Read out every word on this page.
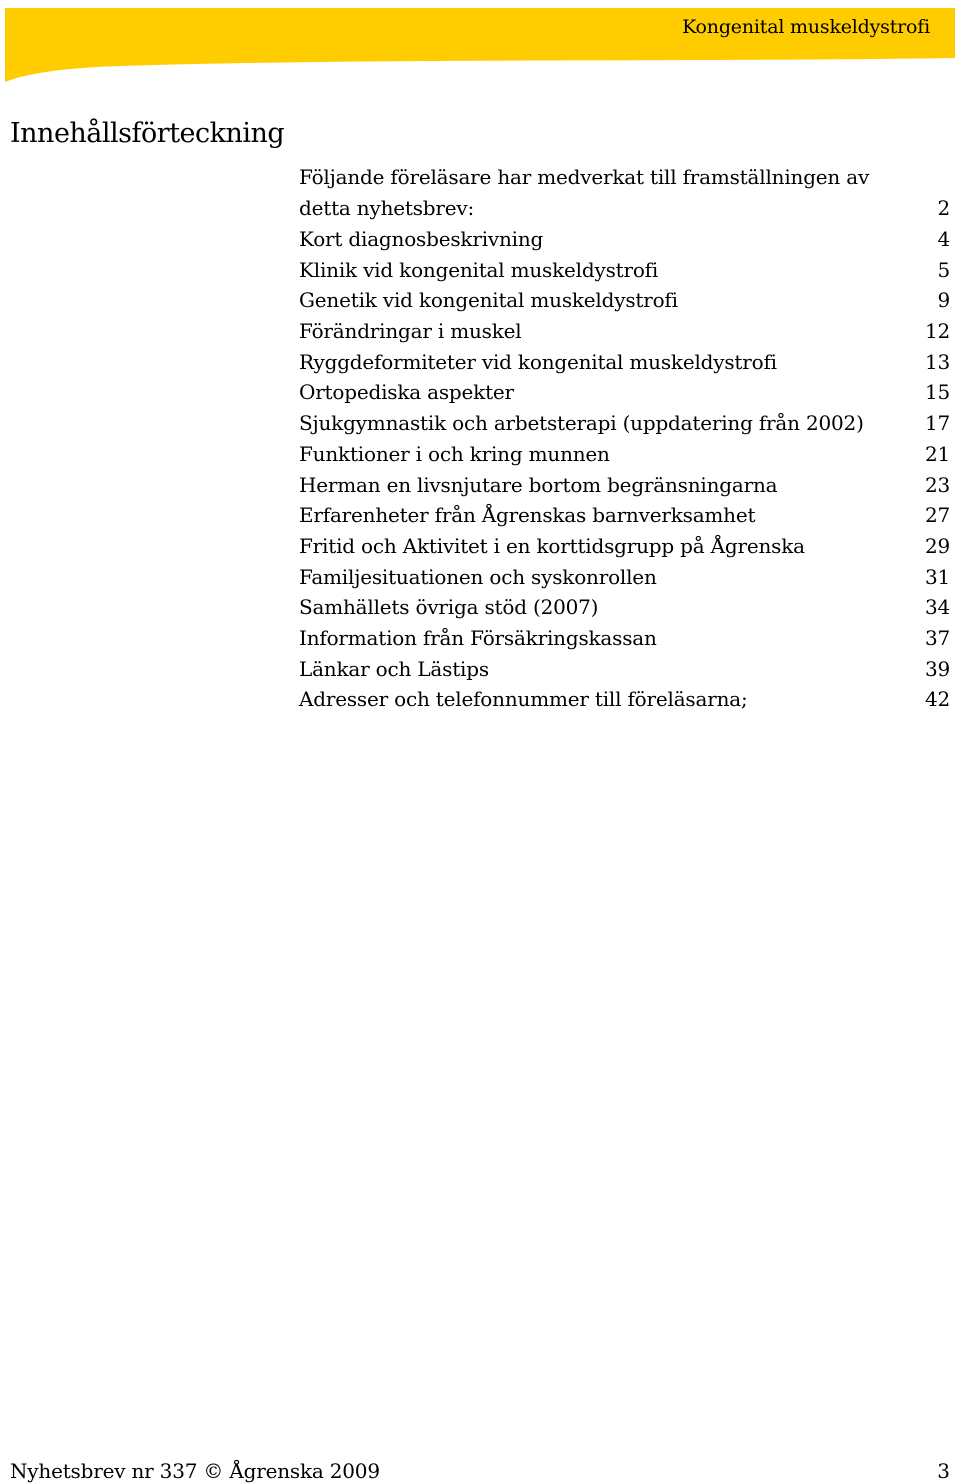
Kongenital muskeldystrofi
Innehållsförteckning
Följande föreläsare har medverkat till framställningen av
detta nyhetsbrev:	2
Kort diagnosbeskrivning	4
Klinik vid kongenital muskeldystrofi	5
Genetik vid kongenital muskeldystrofi	9
Förändringar i muskel	12
Ryggdeformiteter vid kongenital muskeldystrofi	13
Ortopediska aspekter	15
Sjukgymnastik och arbetsterapi (uppdatering från 2002)	17
Funktioner i och kring munnen	21
Herman en livsnjutare bortom begränsningarna	23
Erfarenheter från Ågrenskas barnverksamhet	27
Fritid och Aktivitet i en korttidsgrupp på Ågrenska	29
Familjesituationen och syskonrollen	31
Samhällets övriga stöd (2007)	34
Information från Försäkringskassan	37
Länkar och Lästips	39
Adresser och telefonnummer till föreläsarna;	42
Nyhetsbrev nr 337 © Ågrenska 2009	3
